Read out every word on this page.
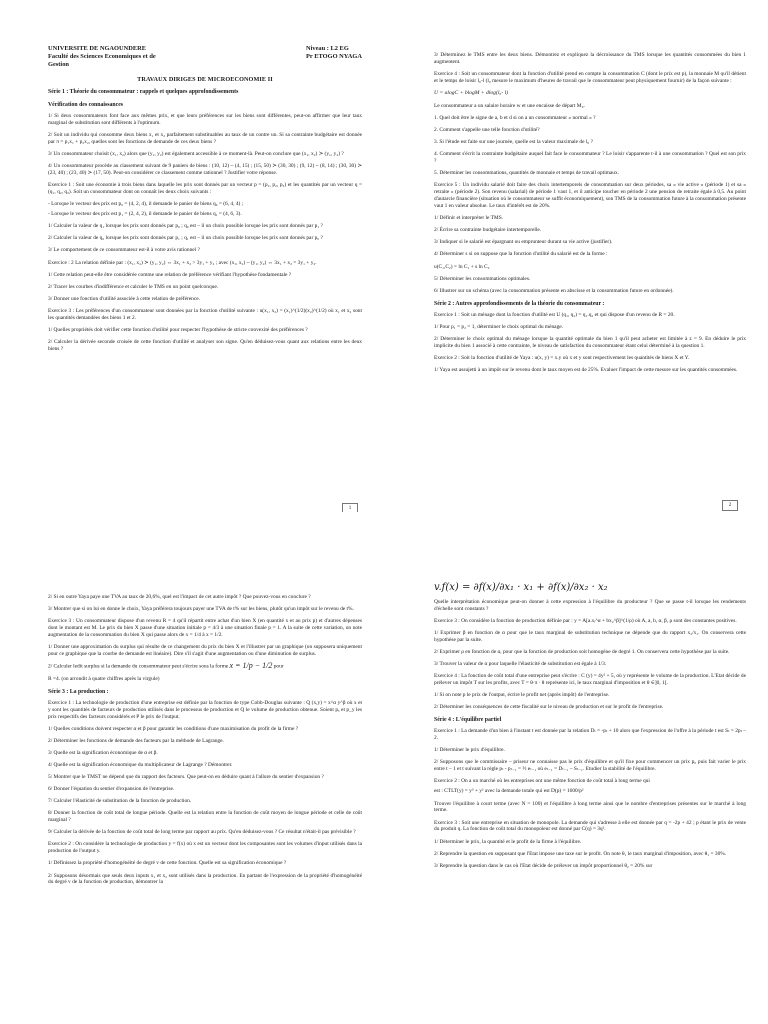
UNIVERSITE DE NGAOUNDERE
Faculté des Sciences Economiques et de
Gestion
Niveau : L2 EG
Pr ETOGO NYAGA
TRAVAUX DIRIGES DE MICROECONOMIE II
Série 1 : Théorie du consommateur : rappels et quelques approfondissements
Vérification des connaissances

1/ Si deux consommateurs font face aux mêmes prix, et que leurs préférences sur les biens sont différentes, peut-on affirmer que leur taux marginal de substitution sont différents à l'optimum.

2/ Soit un individu qui consomme deux biens x₁ et x₂ parfaitement substituables au taux de un contre un. Si sa contrainte budgétaire est donnée par π = p₁x₁ + p₂x₂, quelles sont les fonctions de demande de ces deux biens ?

3/ Un consommateur choisit (x₁, x₂) alors que (y₁, y₂) est également accessible à ce moment-là. Peut-on conclure que (x₁, x₂) ≻ (y₁, y₂) ?

4/ Un consommateur procède au classement suivant de 9 paniers de biens : (10, 12) ~ (4, 15) ; (15, 50) ≻ (30, 30) ; (9, 12) ~ (8, 14) ; (30, 30) ≻ (23, 40) ; (23, 40) ≻ (17, 50). Peut-on considérer ce classement comme rationnel ? Justifier votre réponse.

Exercice 1 : Soit une économie à trois biens dans laquelle les prix sont donnés par un vecteur p = (p₁, p₂, p₃) et les quantités par un vecteur q = (q₁, q₂, q₃). Soit un consommateur dont on connaît les deux choix suivants :

- Lorsque le vecteur des prix est p₀ = (4, 2, 4), il demande le panier de biens q₀ = (6, 4, 4) ;

- Lorsque le vecteur des prix est p₁ = (2, 4, 2), il demande le panier de biens q₁ = (4, 6, 3).

1/ Calculer la valeur de q₁ lorsque les prix sont donnés par p₀ ; q₀ est – il un choix possible lorsque les prix sont donnés par p₁ ?

2/ Calculer la valeur de q₀ lorsque les prix sont donnés par p₁ ; q₁ est – il un choix possible lorsque les prix sont donnés par p₀ ?

3/ Le comportement de ce consommateur est-il à votre avis rationnel ?

Exercice : 2 La relation définie par : (x₁, x₂) ≻ (y₁, y₂) ⇔ 3x₁ + x₂ > 3y₁ + y₂ ; avec (x₁, x₂) ~ (y₁, y₂) ⇔ 3x₁ + x₂ = 3y₁ + y₂.

1/ Cette relation peut-elle être considérée comme une relation de préférence vérifiant l'hypothèse fondamentale ?

2/ Tracer les courbes d'indifférence et calculer le TMS en un point quelconque.

3/ Donner une fonction d'utilité associée à cette relation de préférence.

Exercice 3 : Les préférences d'un consommateur sont données par la fonction d'utilité suivante : u(x₁, x₂) = (x₁)^(1/2)(x₂)^(1/2) où x₁ et x₂ sont les quantités demandées des biens 1 et 2.

1/ Quelles propriétés doit vérifier cette fonction d'utilité pour respecter l'hypothèse de stricte convexité des préférences ?

2/ Calculer la dérivée seconde croisée de cette fonction d'utilité et analyser son signe. Qu'en déduisez-vous quant aux relations entre les deux biens ?

1

3/ Déterminez le TMS entre les deux biens. Démontrez et expliquez la décroissance du TMS lorsque les quantités consommées du bien 1 augmentent.

Exercice 4 : Soit un consommateur dont la fonction d'utilité prend en compte la consommation C (dont le prix est p), la monnaie M qu'il détient et le temps de loisir l₀-l (l₀ mesure le maximum d'heures de travail que le consommateur peut physiquement fournir) de la façon suivante :

U = alogC + blogM + dlog(l₀- l)

Le consommateur a un salaire horaire w et une encaisse de départ M₀.

1. Quel doit être le signe de a, b et d si on a un consommateur « normal » ?

2. Comment s'appelle une telle fonction d'utilité?

3. Si l'étude est faite sur une journée, quelle est la valeur maximale de l₀ ?

4. Comment s'écrit la contrainte budgétaire auquel fait face le consommateur ? Le loisir s'apparente t-il à une consommation ? Quel est son prix ?

5. Déterminer les consommations, quantités de monnaie et temps de travail optimaux.

Exercice 5 : Un individu salarié doit faire des choix intertemporels de consommation sur deux périodes, sa « vie active » (période 1) et sa « retraite » (période 2). Son revenu (salarial) de période 1 vaut 1, et il anticipe toucher en période 2 une pension de retraite égale à 0,5. Au point d'autarcie financière (situation où le consommateur se suffit économiquement), son TMS de la consommation future à la consommation présente vaut 1 en valeur absolue. Le taux d'intérêt est de 20%.

1/ Définir et interpréter le TMS.

2/ Écrire sa contrainte budgétaire intertemporelle.

3/ Indiquer si le salarié est épargnant ou emprunteur durant sa vie active (justifier).

4/ Déterminer s si on suppose que la fonction d'utilité du salarié est de la forme :

u(C₁,C₂) = ln C₁ + s ln C₂

5/ Déterminer les consommations optimales.

6/ Illustrer sur un schéma (avec la consommation présente en abscisse et la consommation future en ordonnée).

Série 2 : Autres approfondissements de la théorie du consommateur :

Exercice 1 : Soit un ménage dont la fonction d'utilité est U (q₁, q₂) = q₁.q₂ et qui dispose d'un revenu de R = 20.

1/ Pour p₁ = p₂ = 1, déterminer le choix optimal du ménage.

2/ Déterminer le choix optimal du ménage lorsque la quantité optimale du bien 1 qu'il peut acheter est limitée à z = 9. En déduire le prix implicite du bien 1 associé à cette contrainte, le niveau de satisfaction du consommateur étant celui déterminé à la question 1.

Exercice 2 : Soit la fonction d'utilité de Yaya : u(x, y) = x.y où x et y sont respectivement les quantités de biens X et Y.

1/ Yaya est assujetti à un impôt sur le revenu dont le taux moyen est de 25%. Evaluer l'impact de cette mesure sur les quantités consommées.

2

2/ Si en outre Yaya paye une TVA au taux de 20,6%, quel est l'impact de cet autre impôt ? Que pouvez-vous en conclure ?

3/ Montrer que si on lui en donne le choix, Yaya préférera toujours payer une TVA de t% sur les biens, plutôt qu'un impôt sur le revenu de t%.

Exercice 3 : Un consommateur dispose d'un revenu R = 4 qu'il répartit entre achat d'un bien X (en quantité x et au prix p) et d'autres dépenses dont le montant est M. Le prix du bien X passe d'une situation initiale p = 4/3 à une situation finale p = 1. A la suite de cette variation, on note augmentation de la consommation du bien X qui passe alors de x = 1/4 à x = 1/2.

1/ Donner une approximation du surplus qui résulte de ce changement du prix du bien X et l'illustrer par un graphique (on supposera uniquement pour ce graphique que la courbe de demande est linéaire). Dire s'il s'agit d'une augmentation ou d'une diminution de surplus.

2/ Calculer ledit surplus si la demande du consommateur peut s'écrire sous la forme x = 1/p − 1/2 pour

R =4. (on arrondit à quatre chiffres après la virgule)

Série 3 : La production :

Exercice 1 : La technologie de production d'une entreprise est définie par la fonction de type Cobb-Douglas suivante : Q (x,y) = x^α y^β où x et y sont les quantités de facteurs de production utilisés dans le processus de production et Q le volume de production obtenue. Soient pₓ et p_y les prix respectifs des facteurs considérés et P le prix de l'output.

1/ Quelles conditions doivent respecter α et β pour garantir les conditions d'une maximisation du profit de la firme ?

2/ Déterminer les fonctions de demande des facteurs par la méthode de Lagrange.

3/ Quelle est la signification économique de α et β.

4/ Quelle est la signification économique du multiplicateur de Lagrange ? Démontrer.

5/ Montrer que le TMST ne dépend que du rapport des facteurs. Que peut-on en déduire quant à l'allure du sentier d'expansion ?

6/ Donner l'équation du sentier d'expansion de l'entreprise.

7/ Calculer l'élasticité de substitution de la fonction de production.

8/ Donner la fonction de coût total de longue période. Quelle est la relation entre la fonction de coût moyen de longue période et celle de coût marginal ?

9/ Calculer la dérivée de la fonction de coût total de long terme par rapport au prix. Qu'en déduisez-vous ? Ce résultat n'était-il pas prévisible ?

Exercice 2 : On considère la technologie de production y = f(x) où x est un vecteur dont les composantes sont les volumes d'input utilisés dans la production de l'output y.

1/ Définissez la propriété d'homogénéité de degré v de cette fonction. Quelle est sa signification économique ?

2/ Supposons désormais que seuls deux inputs x₁ et x₂ sont utilisés dans la production. En partant de l'expression de la propriété d'homogénéité du degré v de la fonction de production, démontrer la

v.f(x) = ∂f(x)/∂x₁ · x₁ + ∂f(x)/∂x₂ · x₂

Quelle interprétation économique peut-on donner à cette expression à l'équilibre du producteur ? Que se passe t-il lorsque les rendements d'échelle sont constants ?

Exercice 3 : On considère la fonction de production définie par : y = A[a.xᵢ^α + bx₂^β]^(1/ρ) où A, a, b, α, β, ρ sont des constantes positives.

1/ Exprimer β en fonction de α pour que le taux marginal de substitution technique ne dépende que du rapport x₂/x₁. On conservera cette hypothèse par la suite.

2/ Exprimer ρ en fonction de α, pour que la fonction de production soit homogène de degré 1. On conservera cette hypothèse par la suite.

3/ Trouver la valeur de α pour laquelle l'élasticité de substitution est égale à 1/3.

Exercice 4 : La fonction de coût total d'une entreprise peut s'écrire : C (y) = 4y² + 5, où y représente le volume de la production. L'Etat décide de prélever un impôt T sur les profits, avec T = θ·π · θ représente ici, le taux marginal d'imposition et θ ∈]0, 1[.

1/ Si on note p le prix de l'output, écrire le profit net (après impôt) de l'entreprise.

2/ Déterminer les conséquences de cette fiscalité sur le niveau de production et sur le profit de l'entreprise.

Série 4 : L'équilibre partiel

Exercice 1 : La demande d'un bien à l'instant t est donnée par la relation Dₜ = -pₜ + 10 alors que l'expression de l'offre à la période t est Sₜ = 2pₜ – 2.

1/ Déterminer le prix d'équilibre.

2/ Supposons que le commissaire – priseur ne connaisse pas le prix d'équilibre et qu'il fixe pour commencer un prix p₀ puis fait varier le prix entre t – 1 et t suivant la règle pₜ - pₜ₋₁ = ½ eₜ₋₁ où eₜ₋₁ = Dₜ₋₁ – Sₜ₋₁. Etudier la stabilité de l'équilibre.

Exercice 2 : On a un marché où les entreprises ont une même fonction de coût total à long terme qui

est : CTLT(y) = y³ + y² avec la demande totale qui est D(p) = 1600/p²

Trouver l'équilibre à court terme (avec N = 100) et l'équilibre à long terme ainsi que le nombre d'entreprises présentes sur le marché à long terme.

Exercice 3 : Soit une entreprise en situation de monopole. La demande qui s'adresse à elle est donnée par q = -2p + 42 ; p étant le prix de vente du produit q. La fonction de coût total du monopoleur est donné par C(q) = 3q².

1/ Déterminer le prix, la quantité et le profit de la firme à l'équilibre.

2/ Reprendre la question en supposant que l'Etat impose une taxe sur le profit. On note θ₁ le taux marginal d'imposition, avec θ₁ = 30%.

3/ Reprendre la question dans le cas où l'Etat décide de prélever un impôt proportionnel θ₂ = 20% sur
